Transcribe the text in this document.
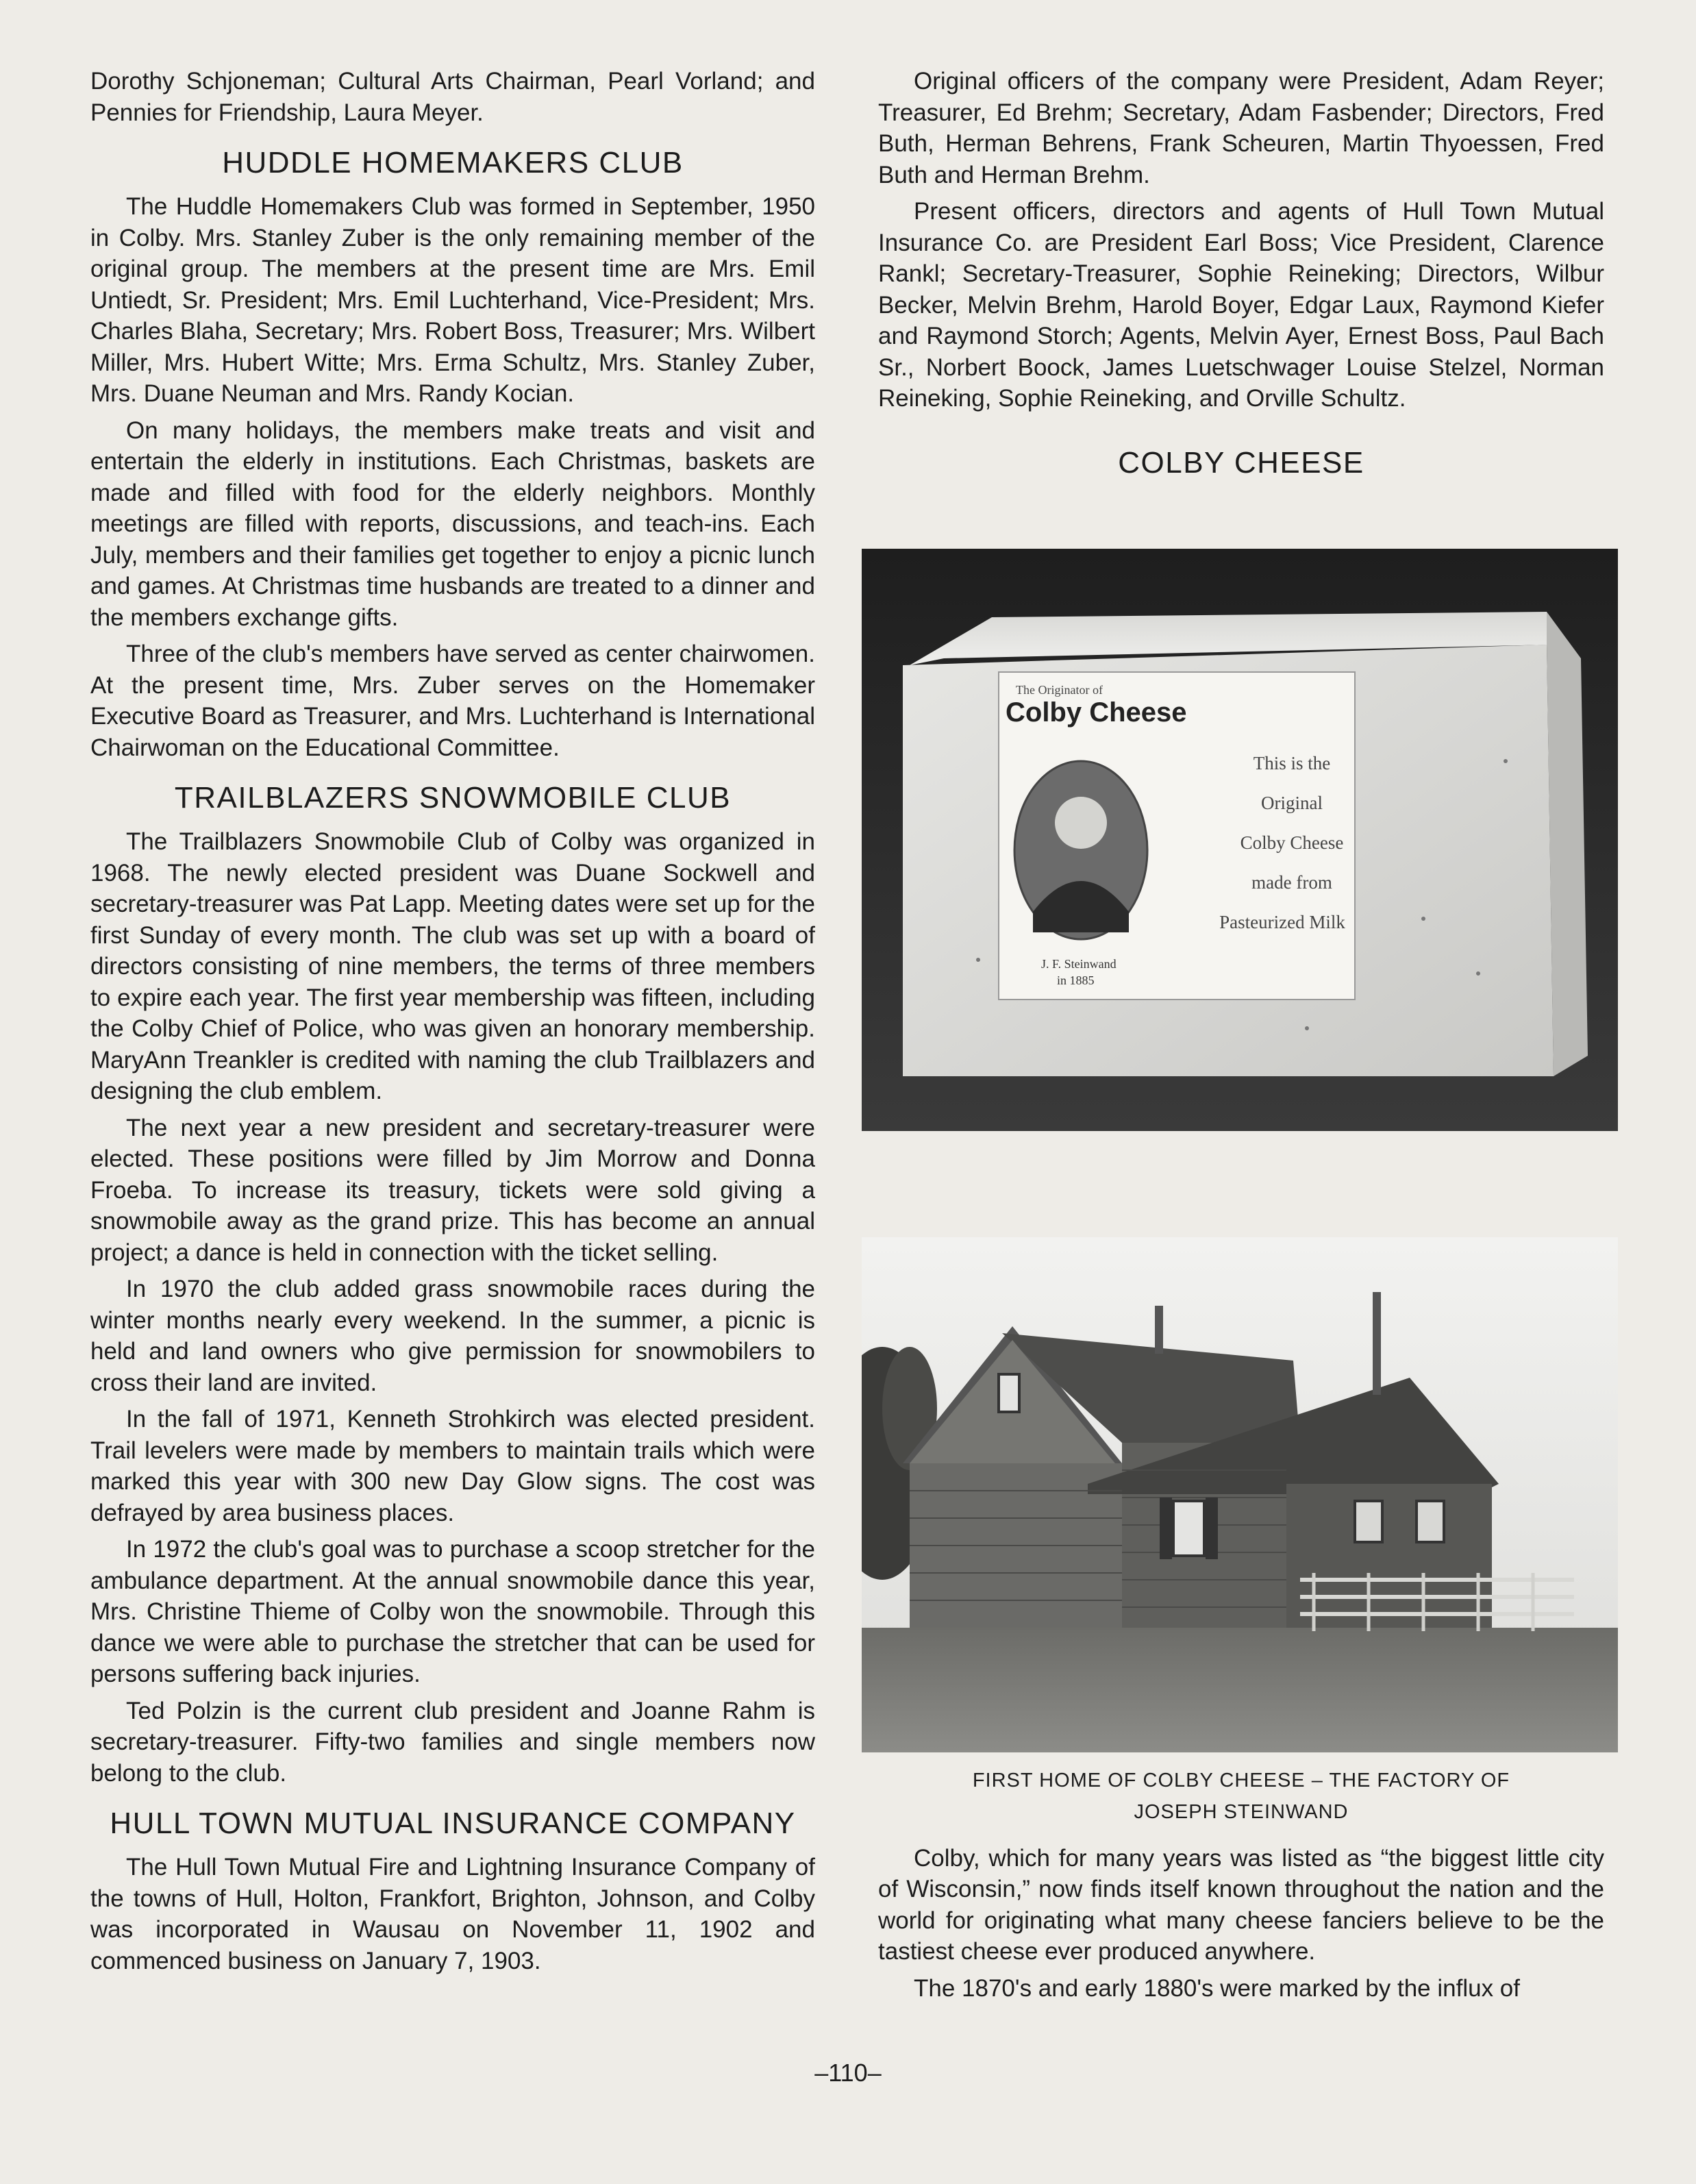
Dorothy Schjoneman; Cultural Arts Chairman, Pearl Vorland; and Pennies for Friendship, Laura Meyer.

HUDDLE HOMEMAKERS CLUB

The Huddle Homemakers Club was formed in September, 1950 in Colby. Mrs. Stanley Zuber is the only remaining member of the original group. The members at the present time are Mrs. Emil Untiedt, Sr. President; Mrs. Emil Luchterhand, Vice-President; Mrs. Charles Blaha, Secretary; Mrs. Robert Boss, Treasurer; Mrs. Wilbert Miller, Mrs. Hubert Witte; Mrs. Erma Schultz, Mrs. Stanley Zuber, Mrs. Duane Neuman and Mrs. Randy Kocian.

On many holidays, the members make treats and visit and entertain the elderly in institutions. Each Christmas, baskets are made and filled with food for the elderly neighbors. Monthly meetings are filled with reports, discussions, and teach-ins. Each July, members and their families get together to enjoy a picnic lunch and games. At Christmas time husbands are treated to a dinner and the members exchange gifts.

Three of the club's members have served as center chairwomen. At the present time, Mrs. Zuber serves on the Homemaker Executive Board as Treasurer, and Mrs. Luchterhand is International Chairwoman on the Educational Committee.

TRAILBLAZERS SNOWMOBILE CLUB

The Trailblazers Snowmobile Club of Colby was organized in 1968. The newly elected president was Duane Sockwell and secretary-treasurer was Pat Lapp. Meeting dates were set up for the first Sunday of every month. The club was set up with a board of directors consisting of nine members, the terms of three members to expire each year. The first year membership was fifteen, including the Colby Chief of Police, who was given an honorary membership. MaryAnn Treankler is credited with naming the club Trailblazers and designing the club emblem.

The next year a new president and secretary-treasurer were elected. These positions were filled by Jim Morrow and Donna Froeba. To increase its treasury, tickets were sold giving a snowmobile away as the grand prize. This has become an annual project; a dance is held in connection with the ticket selling.

In 1970 the club added grass snowmobile races during the winter months nearly every weekend. In the summer, a picnic is held and land owners who give permission for snowmobilers to cross their land are invited.

In the fall of 1971, Kenneth Strohkirch was elected president. Trail levelers were made by members to maintain trails which were marked this year with 300 new Day Glow signs. The cost was defrayed by area business places.

In 1972 the club's goal was to purchase a scoop stretcher for the ambulance department. At the annual snowmobile dance this year, Mrs. Christine Thieme of Colby won the snowmobile. Through this dance we were able to purchase the stretcher that can be used for persons suffering back injuries.

Ted Polzin is the current club president and Joanne Rahm is secretary-treasurer. Fifty-two families and single members now belong to the club.

HULL TOWN MUTUAL INSURANCE COMPANY

The Hull Town Mutual Fire and Lightning Insurance Company of the towns of Hull, Holton, Frankfort, Brighton, Johnson, and Colby was incorporated in Wausau on November 11, 1902 and commenced business on January 7, 1903.

Original officers of the company were President, Adam Reyer; Treasurer, Ed Brehm; Secretary, Adam Fasbender; Directors, Fred Buth, Herman Behrens, Frank Scheuren, Martin Thyoessen, Fred Buth and Herman Brehm.

Present officers, directors and agents of Hull Town Mutual Insurance Co. are President Earl Boss; Vice President, Clarence Rankl; Secretary-Treasurer, Sophie Reineking; Directors, Wilbur Becker, Melvin Brehm, Harold Boyer, Edgar Laux, Raymond Kiefer and Raymond Storch; Agents, Melvin Ayer, Ernest Boss, Paul Bach Sr., Norbert Boock, James Luetschwager Louise Stelzel, Norman Reineking, Sophie Reineking, and Orville Schultz.

COLBY CHEESE
The Originator of
Colby Cheese
J. F. Steinwand
in 1885
This is the
Original
Colby Cheese
made from
Pasteurized Milk
FIRST HOME OF COLBY CHEESE – THE FACTORY OF
JOSEPH STEINWAND

Colby, which for many years was listed as “the biggest little city of Wisconsin,” now finds itself known throughout the nation and the world for originating what many cheese fanciers believe to be the tastiest cheese ever produced anywhere.

The 1870's and early 1880's were marked by the influx of

–110–
